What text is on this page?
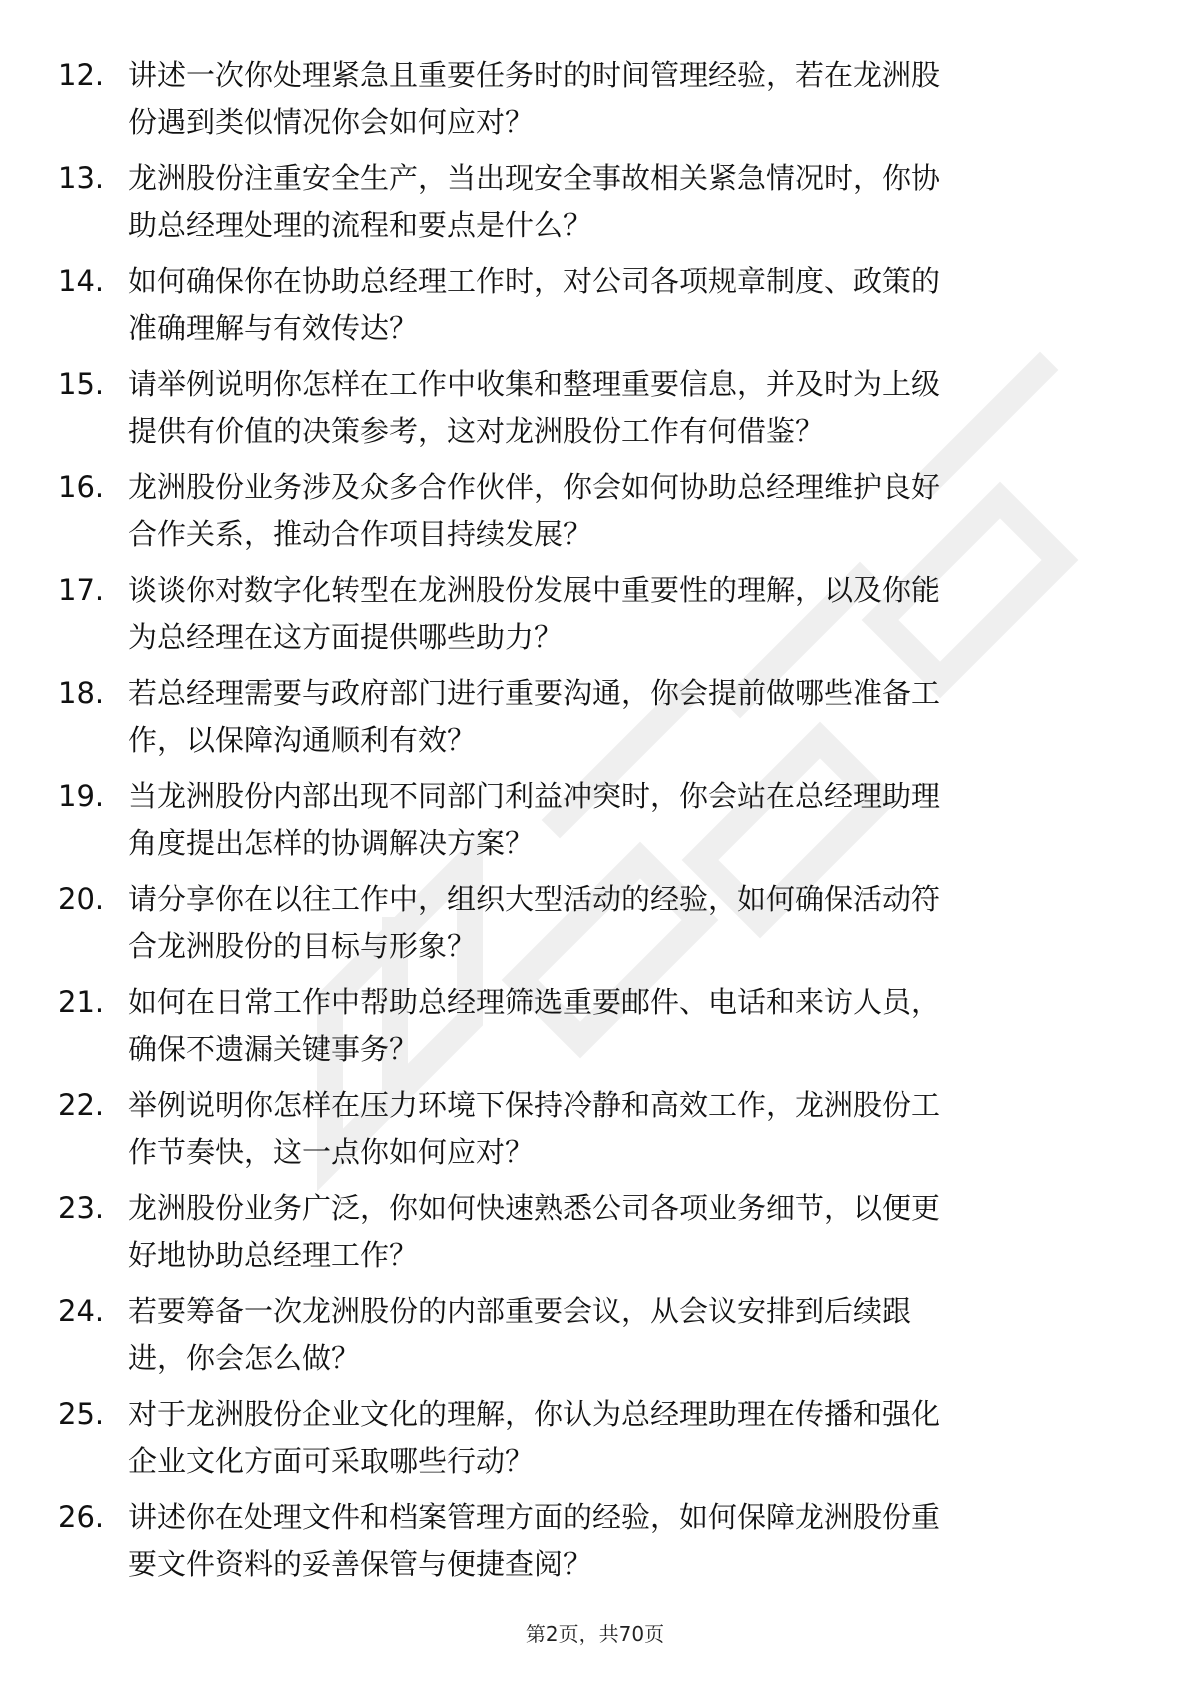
12. 讲述一次你处理紧急且重要任务时的时间管理经验，若在龙洲股
份遇到类似情况你会如何应对？
13. 龙洲股份注重安全生产，当出现安全事故相关紧急情况时，你协
助总经理处理的流程和要点是什么？
14. 如何确保你在协助总经理工作时，对公司各项规章制度、政策的
准确理解与有效传达？
15. 请举例说明你怎样在工作中收集和整理重要信息，并及时为上级
提供有价值的决策参考，这对龙洲股份工作有何借鉴？
16. 龙洲股份业务涉及众多合作伙伴，你会如何协助总经理维护良好
合作关系，推动合作项目持续发展？
17. 谈谈你对数字化转型在龙洲股份发展中重要性的理解，以及你能
为总经理在这方面提供哪些助力？
18. 若总经理需要与政府部门进行重要沟通，你会提前做哪些准备工
作，以保障沟通顺利有效？
19. 当龙洲股份内部出现不同部门利益冲突时，你会站在总经理助理
角度提出怎样的协调解决方案？
20. 请分享你在以往工作中，组织大型活动的经验，如何确保活动符
合龙洲股份的目标与形象？
21. 如何在日常工作中帮助总经理筛选重要邮件、电话和来访人员，
确保不遗漏关键事务？
22. 举例说明你怎样在压力环境下保持冷静和高效工作，龙洲股份工
作节奏快，这一点你如何应对？
23. 龙洲股份业务广泛，你如何快速熟悉公司各项业务细节，以便更
好地协助总经理工作？
24. 若要筹备一次龙洲股份的内部重要会议，从会议安排到后续跟
进，你会怎么做？
25. 对于龙洲股份企业文化的理解，你认为总经理助理在传播和强化
企业文化方面可采取哪些行动？
26. 讲述你在处理文件和档案管理方面的经验，如何保障龙洲股份重
要文件资料的妥善保管与便捷查阅？
第2页，共70页
